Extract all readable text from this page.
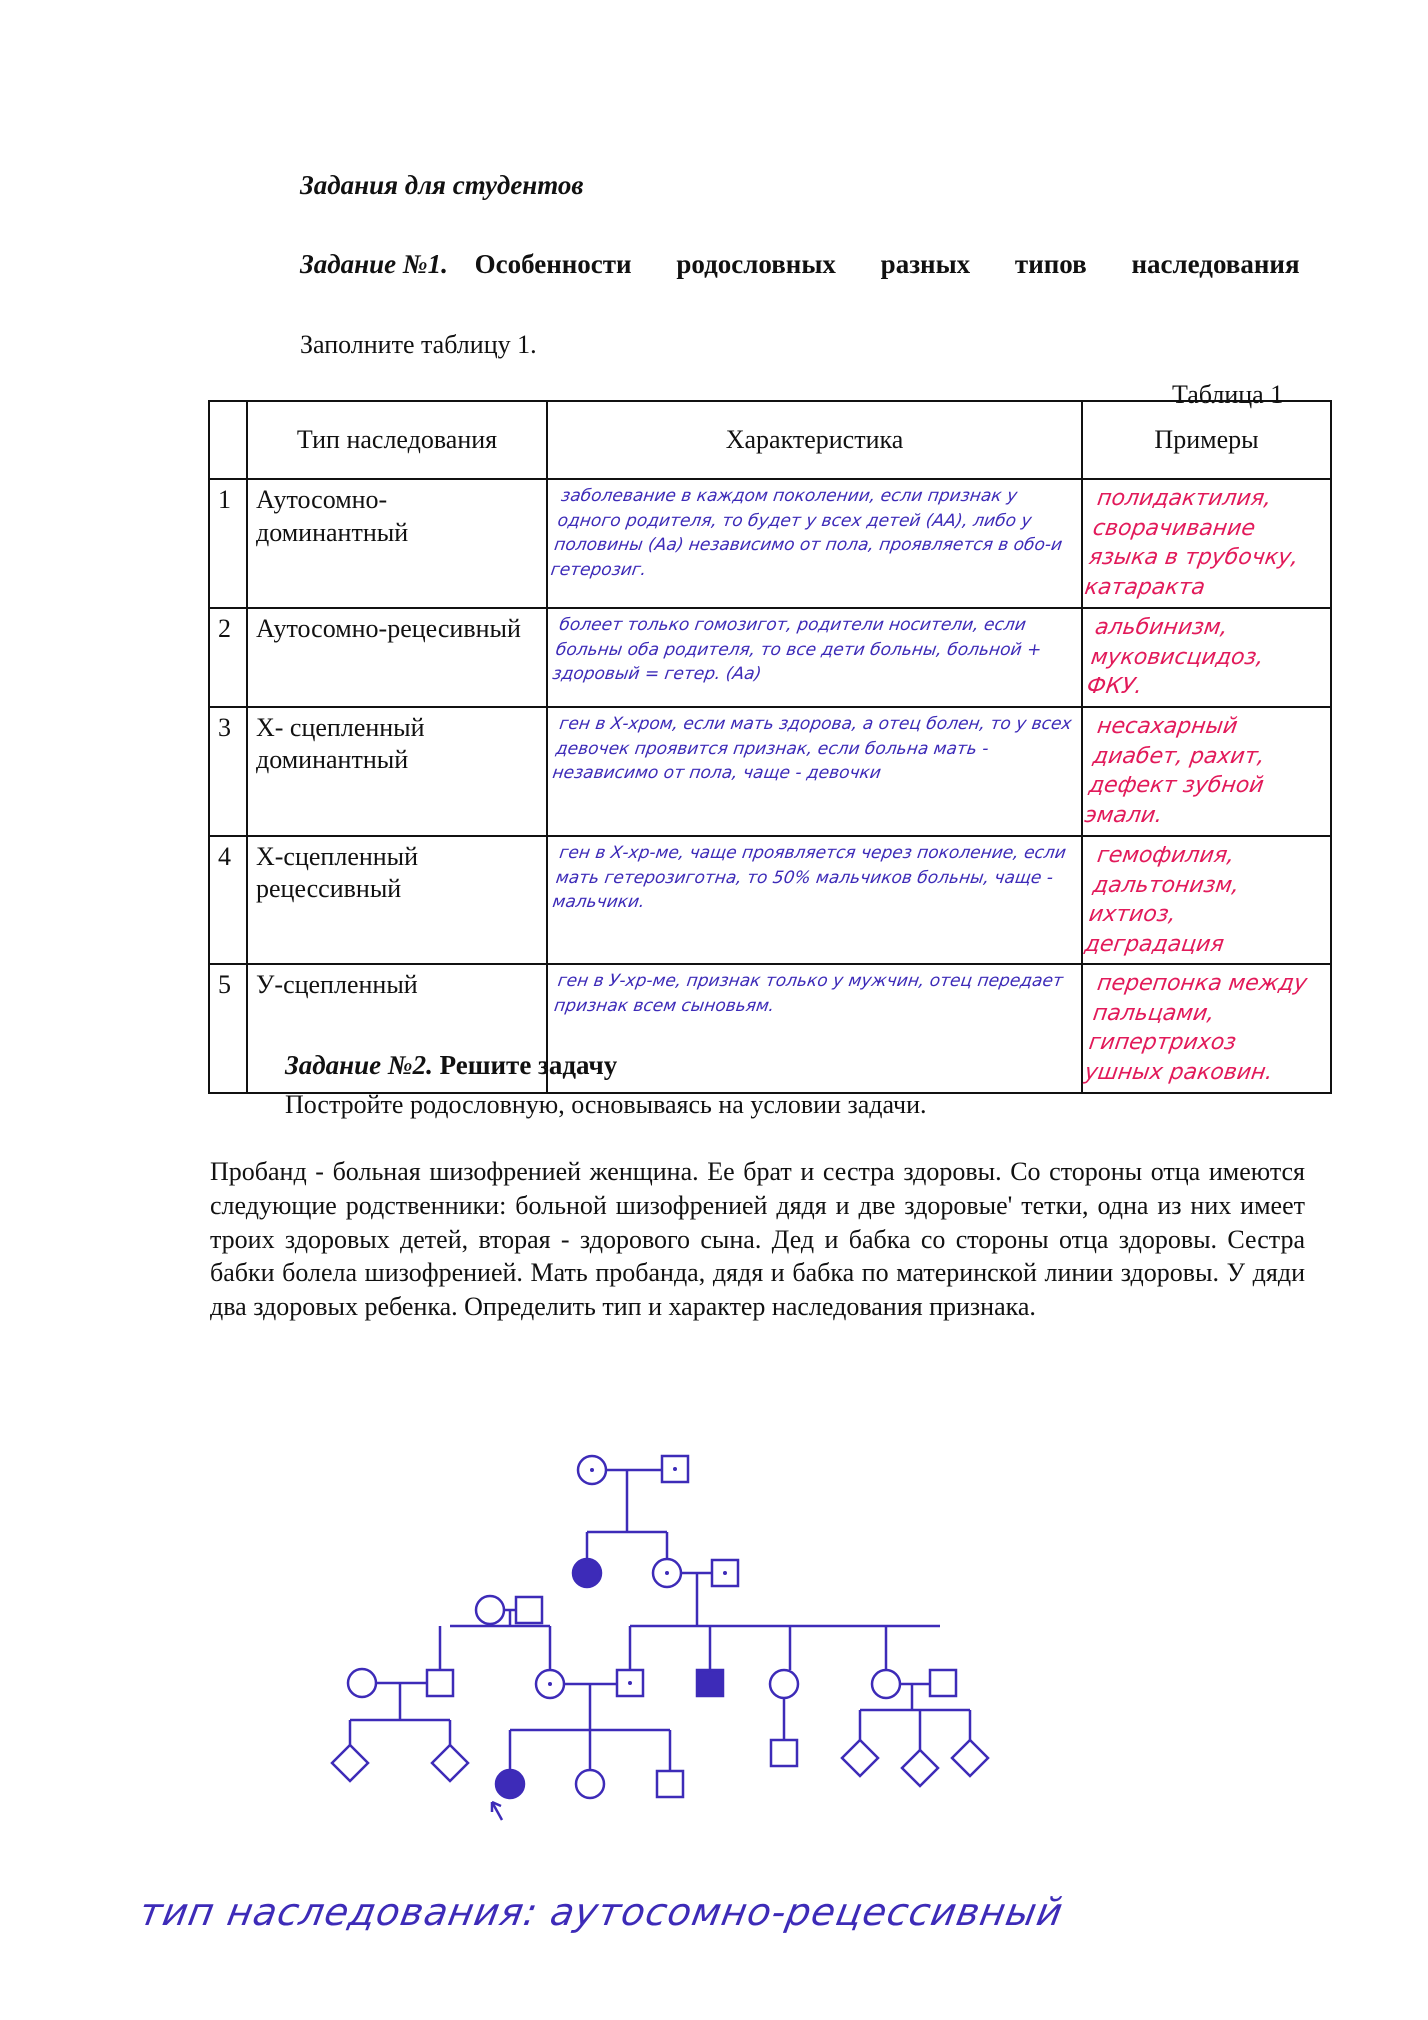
Задания для студентов
Задание №1. Особенности родословных разных типов наследования
Заполните таблицу 1.
Таблица 1
	Тип наследования	Характеристика	Примеры
1	Аутосомно-доминантный	заболевание в каждом поколении, если признак у одного родителя, то будет у всех детей (АА), либо у половины (Аа) независимо от пола, проявляется в обо-и гетерозиг.	полидактилия, сворачивание языка в трубочку, катаракта

2	Аутосомно-рецесивный	болеет только гомозигот, родители носители, если больны оба родителя, то все дети больны, больной + здоровый = гетер. (Аа)	альбинизм, муковисцидоз, ФКУ.

3	Х- сцепленный доминантный	ген в Х-хром, если мать здорова, а отец болен, то у всех девочек проявится признак, если больна мать - независимо от пола, чаще - девочки	несахарный диабет, рахит, дефект зубной эмали.

4	Х-сцепленный рецессивный	ген в Х-хр-ме, чаще проявляется через поколение, если мать гетерозиготна, то 50% мальчиков больны, чаще - мальчики.	гемофилия, дальтонизм, ихтиоз, деградация

5	У-сцепленный	ген в У-хр-ме, признак только у мужчин, отец передает признак всем сыновьям.	перепонка между пальцами, гипертрихоз ушных раковин.
Задание №2. Решите задачу
Постройте родословную, основываясь на условии задачи.
Пробанд - больная шизофренией женщина. Ее брат и сестра здоровы. Со стороны отца имеются следующие родственники: больной шизофренией дядя и две здоровые' тетки, одна из них имеет троих здоровых детей, вторая - здорового сына. Дед и бабка со стороны отца здоровы. Сестра бабки болела шизофренией. Мать пробанда, дядя и бабка по материнской линии здоровы. У дяди два здоровых ребенка. Определить тип и характер наследования признака.
тип наследования: аутосомно-рецессивный
